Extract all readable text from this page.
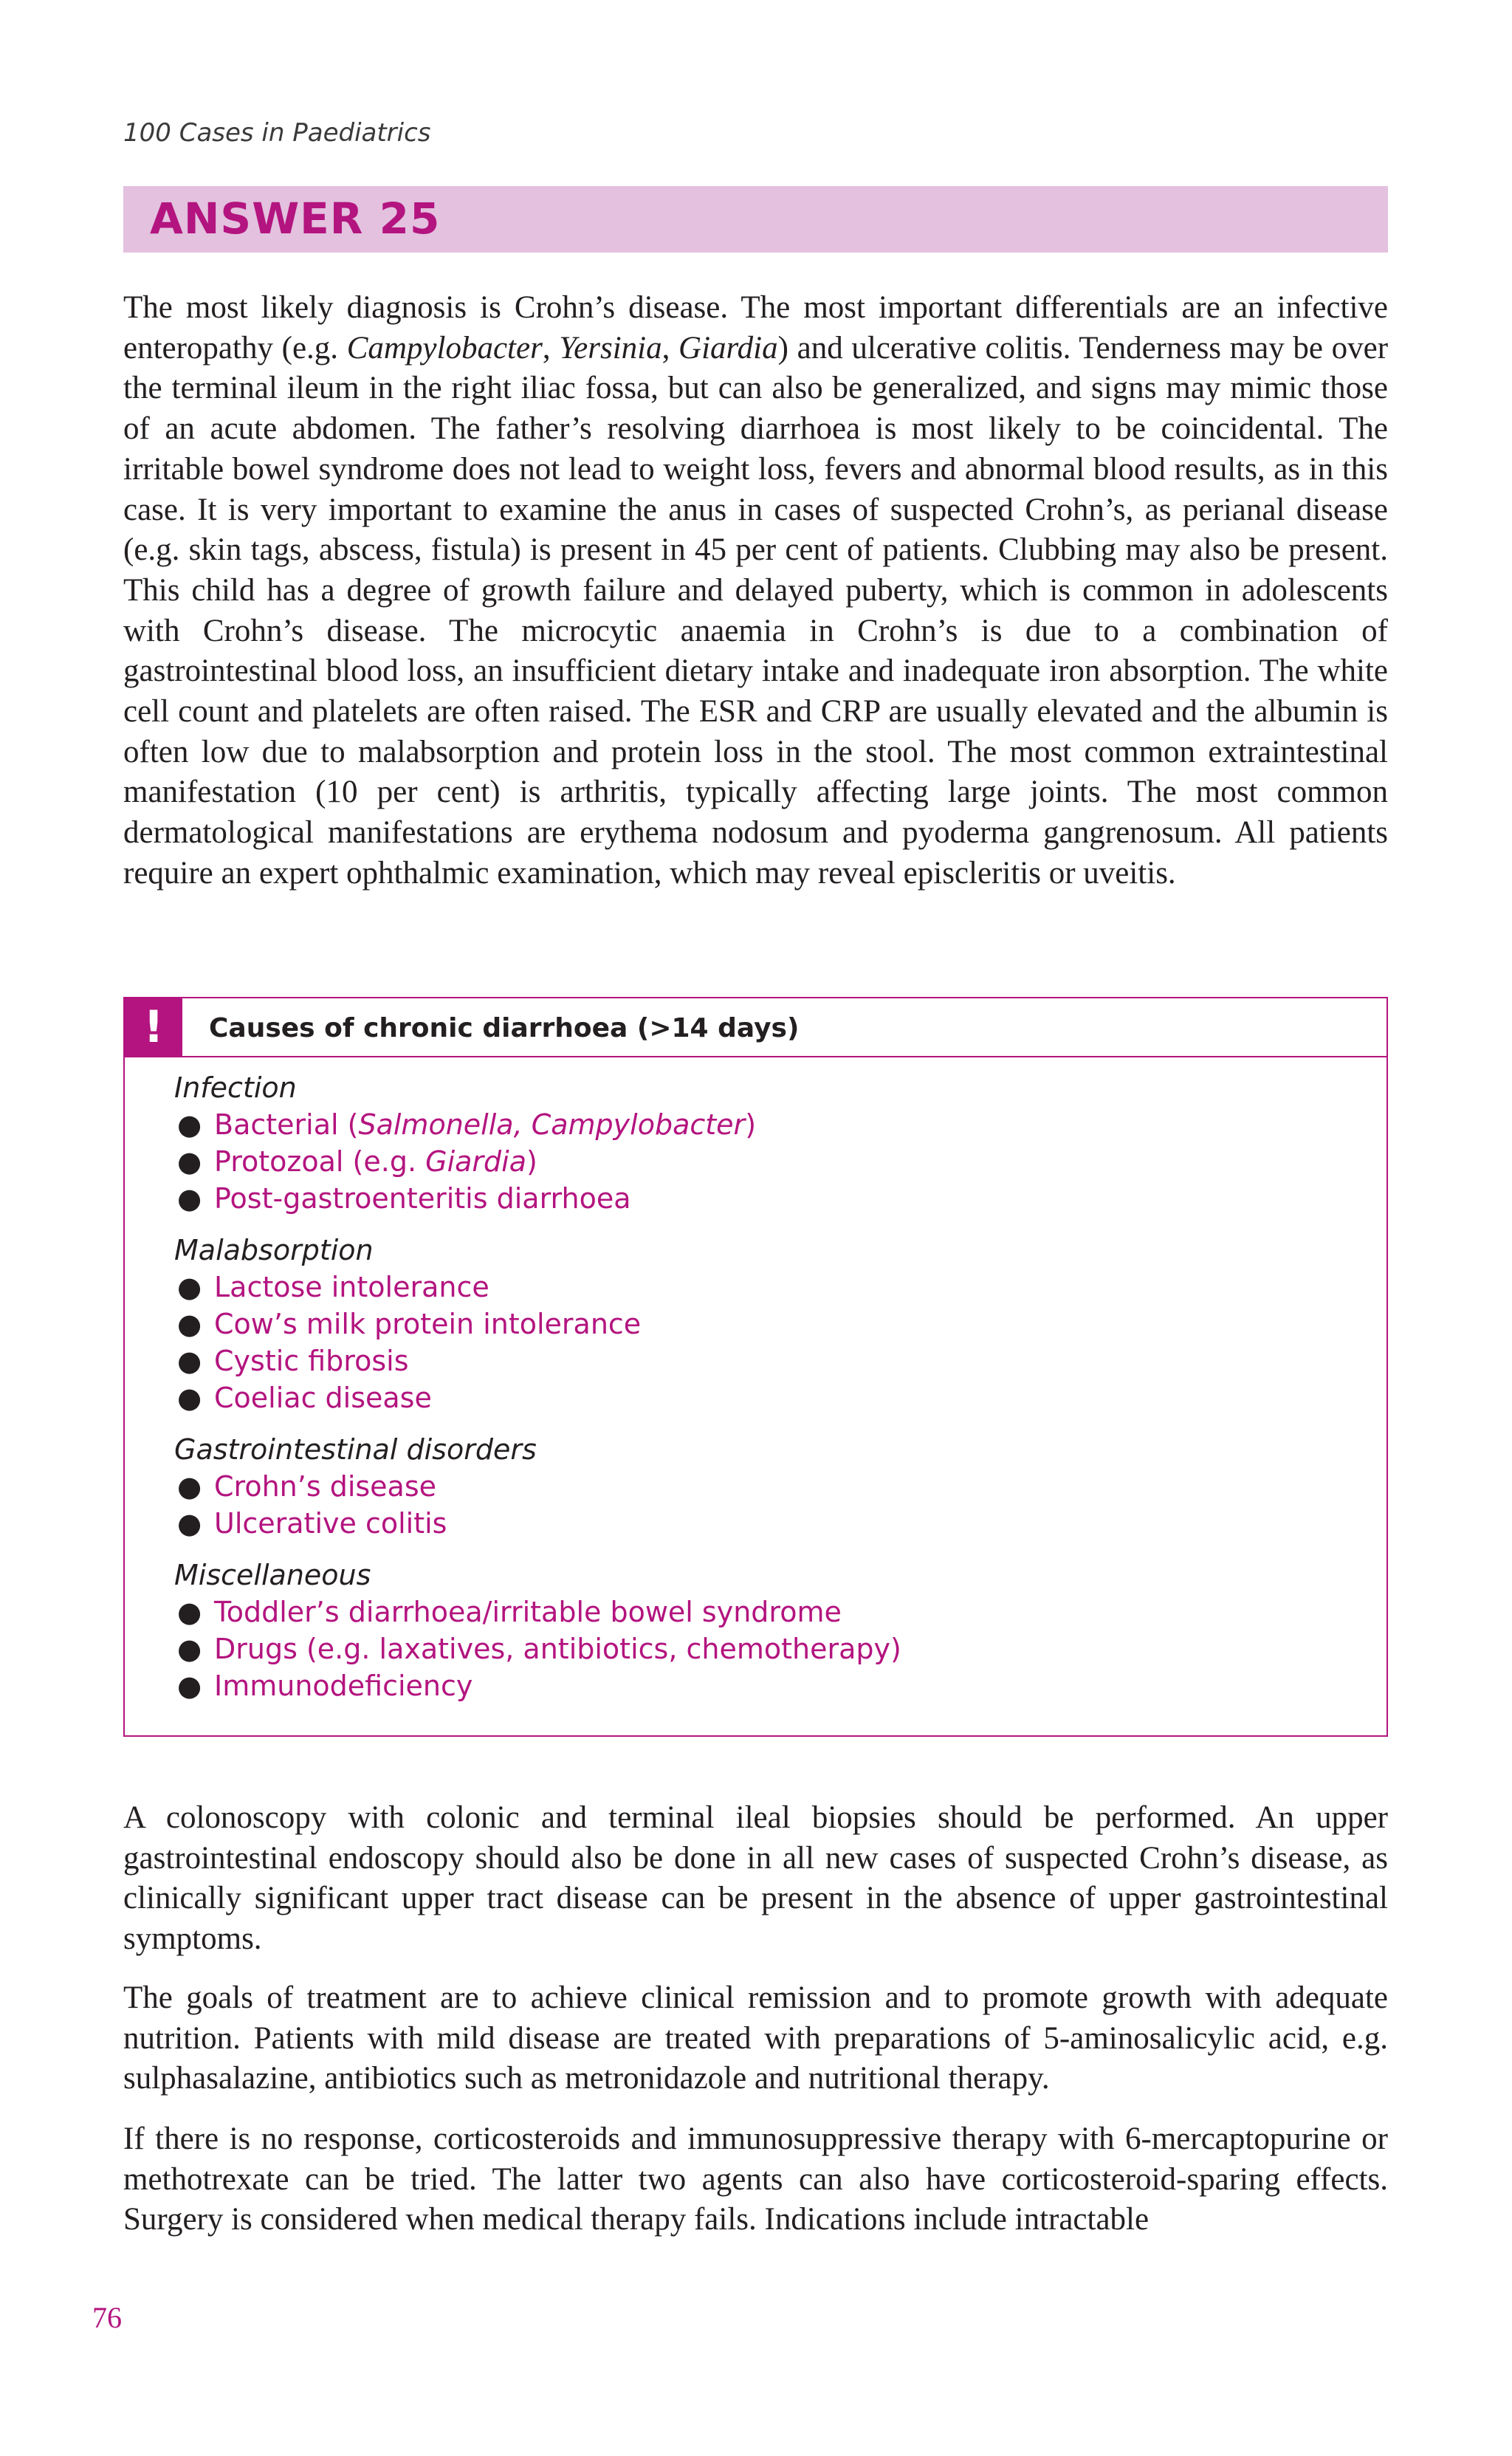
100 Cases in Paediatrics
ANSWER 25

The most likely diagnosis is Crohn’s disease. The most important differentials are an infective enteropathy (e.g. Campylobacter, Yersinia, Giardia) and ulcerative colitis. Tenderness may be over the terminal ileum in the right iliac fossa, but can also be generalized, and signs may mimic those of an acute abdomen. The father’s resolving diarrhoea is most likely to be coincidental. The irritable bowel syndrome does not lead to weight loss, fevers and abnormal blood results, as in this case. It is very important to examine the anus in cases of suspected Crohn’s, as perianal disease (e.g. skin tags, abscess, fistula) is present in 45 per cent of patients. Clubbing may also be present. This child has a degree of growth failure and delayed puberty, which is common in adolescents with Crohn’s disease. The microcytic anaemia in Crohn’s is due to a combination of gastrointestinal blood loss, an insufficient dietary intake and inadequate iron absorption. The white cell count and platelets are often raised. The ESR and CRP are usually elevated and the albumin is often low due to malabsorption and protein loss in the stool. The most common extraintestinal manifestation (10 per cent) is arthritis, typically affecting large joints. The most common dermatological manifestations are erythema nodosum and pyoderma gangrenosum. All patients require an expert ophthalmic examination, which may reveal episcleritis or uveitis.

!	Causes of chronic diarrhoea (>14 days)
Infection
● Bacterial (Salmonella, Campylobacter)
● Protozoal (e.g. Giardia)
● Post-gastroenteritis diarrhoea
Malabsorption
● Lactose intolerance
● Cow’s milk protein intolerance
● Cystic fibrosis
● Coeliac disease
Gastrointestinal disorders
● Crohn’s disease
● Ulcerative colitis
Miscellaneous
● Toddler’s diarrhoea/irritable bowel syndrome
● Drugs (e.g. laxatives, antibiotics, chemotherapy)
● Immunodeficiency

A colonoscopy with colonic and terminal ileal biopsies should be performed. An upper gastrointestinal endoscopy should also be done in all new cases of suspected Crohn’s disease, as clinically significant upper tract disease can be present in the absence of upper gastrointestinal symptoms.

The goals of treatment are to achieve clinical remission and to promote growth with adequate nutrition. Patients with mild disease are treated with preparations of 5-aminosalicylic acid, e.g. sulphasalazine, antibiotics such as metronidazole and nutritional therapy.

If there is no response, corticosteroids and immunosuppressive therapy with 6-mercaptopurine or methotrexate can be tried. The latter two agents can also have corticosteroid-sparing effects. Surgery is considered when medical therapy fails. Indications include intractable

76
